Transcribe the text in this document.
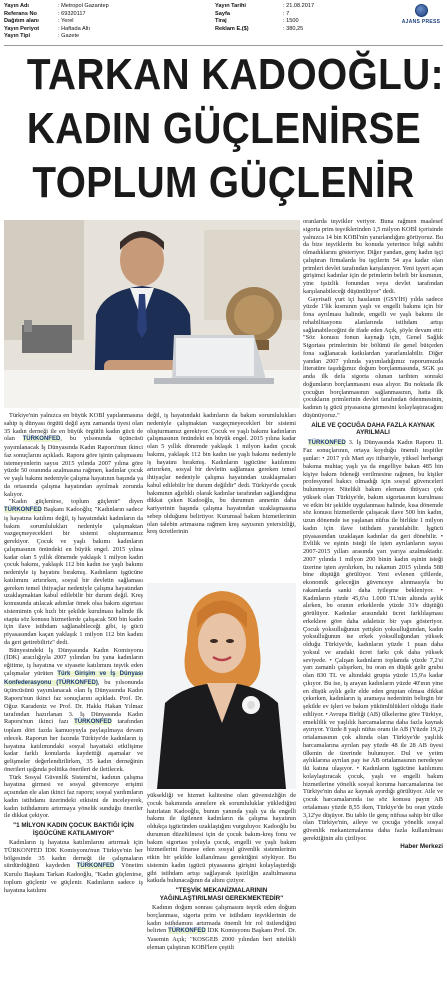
Yayın Adı	: Metropol Gazantep
Referans No	: 69320117
Dağıtım alanı	: Yerel
Yayın Periyot	: Haftada Altı
Yayın Tipi	: Gazete
Yayın Tarihi	: 21.08.2017
Sayfa	: 7
Tiraj	: 1500
Reklam E.($)	: 380,25
AJANS PRESS
TARKAN KADOOĞLU:
KADIN GÜÇLENİRSE
TOPLUM GÜÇLENİR

Türkiye'nin yalnızca en büyük KOBİ yapılanmasına sahip iş dünyası örgütü değil aynı zamanda üyesi olan 35 kadın derneği ile en büyük örgütlü kadın gücü de olan TÜRKONFED, bu yılsonunda üçüncüsü yayımlanacak İş Dünyasında Kadın Raporu'nun ikinci faz sonuçlarını açıkladı. Rapora göre işinin çalışmasını istemeyenlerin sayısı 2015 yılında 2007 yılına göre yüzde 50 oranında azalmasına rağmen, kadınlar çocuk ve yaşlı bakımı nedeniyle çalışma hayatının başında ya da ortasında çalışma hayatından ayrılmak zorunda kalıyor.

"Kadın güçlenirse, toplum güçlenir" diyen TÜRKONFED Başkanı Kadooğlu; "Kadınların sadece iş hayatına katılımı değil, iş hayatındaki kadınların da bakım sorumlulukları nedeniyle çalışmaktan vazgeçmeyecekleri bir sistemi oluşturmamız gerekiyor. Çocuk ve yaşlı bakımı kadınların çalışmasının önündeki en büyük engel. 2015 yılına kadar olan 5 yıllık dönemde yaklaşık 1 milyon kadın çocuk bakımı, yaklaşık 112 bin kadın ise yaşlı bakımı nedeniyle iş hayatını bırakmış. Kadınların işgücüne katılımını artırırken, sosyal bir devletin sağlaması gereken temel ihtiyaçlar nedeniyle çalışma hayatından uzaklaşmaktan kabul edilebilir bir durum değil. Kreş konusunda atılacak adımlar ömek olsa bakım sigortası sistemimin çok hızlı bir şekilde kurulması halinde ilk etapta söz konusu hizmetlerde çalışacak 500 bin kadın için ilave istihdam sağlanabileceği gibi, iş gücü piyasasından kaçan yaklaşık 1 milyon 112 bin kadını da geri getirebiliriz" dedi.

Bünyesindeki İş Dünyasında Kadın Komisyonu (İDK) aracılığıyla 2007 yılından bu yana kadınların eğitime, iş hayatına ve siyasete katılımını teşvik eden çalışmalar yürüten Türk Girişim ve İş Dünyası Konfederasyonu (TÜRKONFED), bu yılsonunda üçüncüsünü yayımlanacak olan İş Dünyasında Kadın Raporu'nun ikinci faz sonuçlarını açıkladı. Prof. Dr. Oğuz Karadeniz ve Prof. Dr. Hakkı Hakan Yılmaz tarafından hazırlanan 3. İş Dünyasında Kadın Raporu'nun ikinci fazı TÜRKONFED tarafından toplam dört fazda kamuoyuyla paylaşılmaya devam edecek. Raporun her fazında Türkiye'de kadınların iş hayatına katılımındaki sosyal hayattaki etkilişime kadar farklı konularda kaydettiği aşamalar ve gelişmeler değerlendirilirken, 35 kadın derneğinin önerileri ışığında politika önerileri de iletilecek.

Türk Sosyal Güvenlik Sistemi'ni, kadının çalışma hayatına girmesi ve sosyal güvenceye erişimi açısından ele alan ikinci faz raporu; sosyal yardımların kadın istihdamı üzerindeki etkisini de inceleyerek, kadın istihdamını artırmaya yönelik sunduğu öneriler ile dikkat çekiyor.

"1 MİLYON KADIN ÇOCUK BAKTIĞI İÇİN İŞGÜCÜNE KATILAMIYOR"

Kadınların iş hayatına katılımlarını artırmak için TÜRKONFED İDK Komisyonu'nun Türkiye'nin her bölgesinde 35 kadın derneği ile çalışmaların sürdürdüğünü kaydeden TÜRKONFED Yönetim Kurulu Başkanı Tarkan Kadooğlu, "Kadın güçlenirse, toplum güçlenir ve güçlenir. Kadınların sadece iş hayatına katılımı

değil, iş hayatındaki kadınların da bakım sorumlulukları nedeniyle çalışmaktan vazgeçmeyecekleri bir sistemi oluşturmamız gerekiyor. Çocuk ve yaşlı bakımı kadınların çalışmasının önündeki en büyük engel. 2015 yılına kadar olan 5 yıllık dönemde yaklaşık 1 milyon kadın çocuk bakımı, yaklaşık 112 bin kadın ise yaşlı bakımı nedeniyle iş hayatını bırakmış. Kadınların işgücüne katılımını artırırken, sosyal bir devletin sağlaması gereken temel ihtiyaçlar nedeniyle çalışma hayatından uzaklaşmaları kabul edilebilir bir durum değildir" dedi. Türkiye'de çocuk bakımının ağırlıklı olarak kadınlar tarafından sağlandığına dikkat çeken Kadooğlu, bu durumun annenin daha kariyerinin başında çalışma hayatından uzaklaşmasına sebep olduğunu belirtiyor. Kurumsal bakım hizmetlerinin olan talebin artmasına rağmen kreş sayısının yetersizliği, kreş ücretlerinin

yüksekliği ve hizmet kalitesine olan güvensizliğin de çocuk bakımında annelere ek sorumluluklar yüklediğini hatırlatan Kadooğlu, bunun yanında yaşlı ya da engelli bakımı ile ilgilenen kadınların da çalışma hayatının oldukça işgücünden uzaklaştığını vurguluyor. Kadooğlu bu durumun düzeltilmesi için de çocuk bakım-kreş fonu ve bakım sigortası yoluyla çocuk, engelli ve yaşlı bakım hizmetlerini finanse eden sosyal güvenlik sistemlerinin etkin bir şekilde kullanılması gerektiğini söylüyor. Bu sistemin kadın işgücü piyasasına girişini kolaylaştırdığı gibi istihdam artışı sağlayarak işsizliğin azaltılmasına katkıda bulunacağının da altını çiziyor.

"TEŞVİK MEKANİZMALARININ YAĞINLAŞTIRILMASI GEREKMEKTEDİR"

Kadının doğum sonrası çalışmasını teşvik eden doğum borçlanması, sigorta prim ve istihdam teşviklerinin de kadın istihdamını artırmada önemli bir rol üstlendiğini belirten TÜRKONFED İDK Komisyonu Başkanı Prof. Dr. Yasemin Açık; "KOSGEB 2000 yılından beri nitelikli eleman çalıştıran KOBİ'lere çeşitli

oranlarda teşvikler veriyor. Buna rağmen maalesef sigorta prim teşviklerinden 1,5 milyon KOBİ içerisinde yalnızca 14 bin KOBİ'nin yararlandığını görüyoruz. Bu da bize teşviklerin bu konuda yeterince bilgi sahibi olmadıklarını gösteriyor. Diğer yandan, genç kadın işçi çalıştıran firmalarda bu işçilerin 54 aya kadar olan primleri devlet tarafından karşılanıyor. Yeni işyeri açan girişimci kadınlar için de primlerin belirli bir kısmının, yine işsizlik fonundan veya devlet tarafından karşılanabileceği düşünülüyor" dedi.

Gayrisafi yurt içi hasılanın (GSYİH) yılda sadece yüzde 1'lik kısmının yaşlı ve engelli bakımı için bir fona ayrılması halinde, engelli ve yaşlı bakımı ile rehabilitasyonu alanlarında istihdam artışı sağlanabileceğini de ifade eden Açık, şöyle devam etti: "Söz konusu fonun kaynağı için, Genel Sağlık Sigortası primlerinin bir bölümü ile genel bütçeden fona sağlanacak katkılardan yararlanılabilir. Diğer yandan 2007 yılında yayımladığımız raporumuzda literatüre taşıdığımız doğum borçlanmasında, SGK şu anda ilk defa sigorta olunan tarihten sonraki doğumların borçlanmasını esas alıyor. Bu noktada ilk çocuğun borçlanmasının sağlanmasının, hatta ilk çocukların primlerinin devlet tarafından ödenmesinin, kadının iş gücü piyasasına girmesini kolaylaştıracağını düşünüyoruz."

AİLE VE ÇOCUĞA DAHA FAZLA KAYNAK AYRILMALI

TÜRKONFED 3. İş Dünyasında Kadın Raporu II. Faz sonuçlarının, ortaya koyduğu önemli tespitler şunlar: • 2017 yılı Mart ayı itibariyle, yüksel herhangi bakıma muhtaç yaşlı ya da engelliye bakan 485 bin kişiye bakım ödeneği verilmesine rağmen, bu kişiler profesyonel bakıcı olmadığı için sosyal güvenceleri bulunmuyor. Nitelikli bakım elemanı ihtiyacı çok yüksek olan Türkiye'de, bakım sigortasının kurulması ve etkin bir şekilde uygulanması halinde, kısa dönemde söz konusu hizmetlerde çalışacak ilave 500 bin kadın, uzun dönemde ise yaşlanan nüfus ile birlikte 1 milyon kadın için ilave istihdam yaratılabilir. İşgücü piyasasından uzaklaşan kadınlar da geri dönebilir. • Evlilik ve eşinin isteği ile işten ayrılanların sayısı 2007-2015 yılları arasında yarı yarıya azalmaktadır. 2007 yılında 1 milyon 200 binin kadın eşinin isteği üzerine işten ayrılırken, bu rakamın 2015 yılında 588 bine düştüğü görülüyor. Yeni evlenen çiftlerde, ekonomik geleceğin güvenceye alınmasıyla bu rakamlarda sanki daha iyileşme bekleniyor. • Kadınların yüzde 45,6'sı 1.000 TL'nin altında aylık alırken, bu oranın erkeklerde yüzde 31'e düştüğü görülüyor. Kadınlar arasındaki ücret farklılaşması erkeklere göre daha adaletsiz bir yapı gösteriyor. Çocuk yoksulluğunun yetişkin yoksulluğundan, kadın yoksulluğunun ise erkek yoksulluğundan yüksek olduğu Türkiye'de, kadınların yüzde 1 puan daha yoksul ve aradaki ücret farkı çok daha yüksek seviyede. • Çalışan kadınların toplamda yüzde 7,2'si yarı zamanlı çalışırken, bu oran en düşük gelir grubu olan 830 TL ve altındaki grupta yüzde 15,9'a kadar çıkıyor. Bu ise, iş arayan kadınların yüzde 40'ının yine en düşük aylık gelir elde eden gruptan olması dikkat çekerken, kadınların iş aramaya nedeninin belirgin bir şekilde ev işleri ve bakım yükümlülükleri olduğu ifade ediliyor. • Avrupa Birliği (AB) ülkelerine göre Türkiye, emeklilik ve yaşlılık harcamalarına daha fazla kaynak ayırıyor. Yüzde 8 yaşlı nüfus oranı ile AB (Yüzde 19,2) ortalamasının çok altında olan Türkiye'de yaşlılık harcamalarına ayrılan pay yüzde 48 ile 28 AB üyesi ülkenin de üzerinde bulunuyor. Dul ve yetim aylıklarına ayrılan pay ise AB ortalamasının neredeyse iki katına ulaşıyor. • Kadınların işgücüne katılımını kolaylaştıracak çocuk, yaşlı ve engelli bakım hizmetlerine yönelik sosyal koruma harcamalarına ise Türkiye'nin daha az kaynak ayırdığı görülüyor. Aile ve çocuk harcamalarında ise söz konusu payın AB ortalaması yüzde 8,55 iken, Türkiye'de bu oran yüzde 3,12'ye düşüyor. Bu tablo ile genç nüfusa sahip bir ülke olan Türkiye'nin, aileye ve çocuğa yönelik sosyal güvenlik mekanizmalarına daha fazla kullanılması gerektiğinin altı çiziliyor.

Haber Merkezi
